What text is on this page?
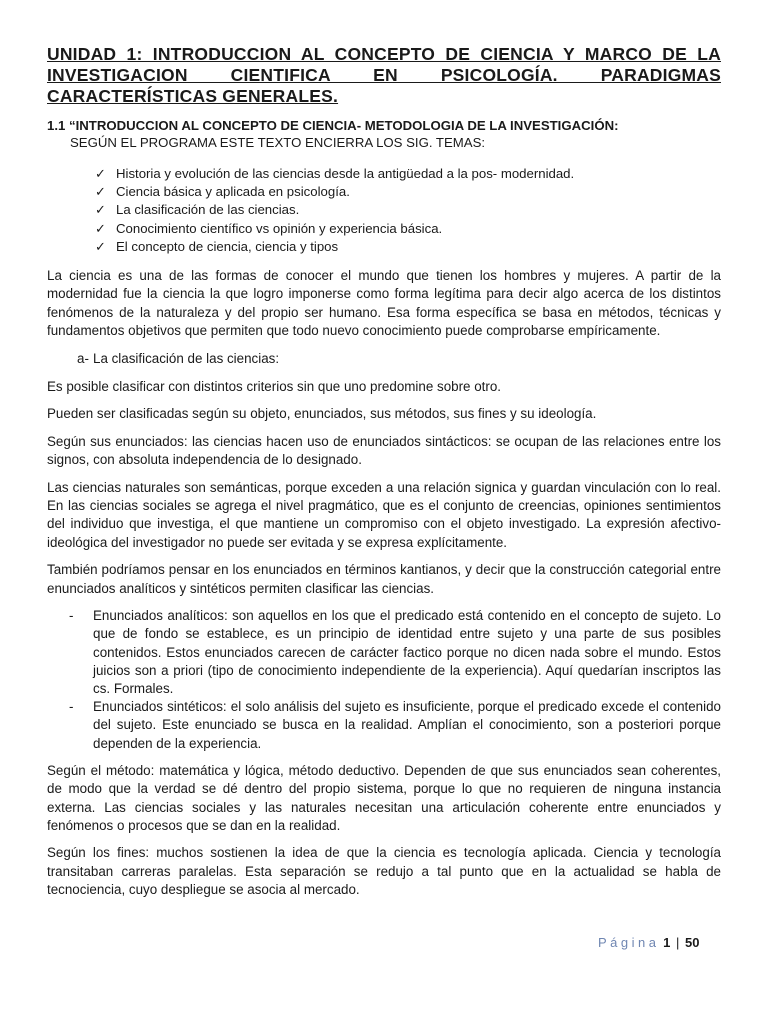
UNIDAD 1: INTRODUCCION AL CONCEPTO DE CIENCIA Y MARCO DE LA INVESTIGACION CIENTIFICA EN PSICOLOGÍA. PARADIGMAS CARACTERÍSTICAS GENERALES.

1.1 “INTRODUCCION AL CONCEPTO DE CIENCIA- METODOLOGIA DE LA INVESTIGACIÓN:

SEGÚN EL PROGRAMA ESTE TEXTO ENCIERRA LOS SIG. TEMAS:

✓ Historia y evolución de las ciencias desde la antigüedad a la pos- modernidad.
✓ Ciencia básica y aplicada en psicología.
✓ La clasificación de las ciencias.
✓ Conocimiento científico vs opinión y experiencia básica.
✓ El concepto de ciencia, ciencia y tipos

La ciencia es una de las formas de conocer el mundo que tienen los hombres y mujeres. A partir de la modernidad fue la ciencia la que logro imponerse como forma legítima para decir algo acerca de los distintos fenómenos de la naturaleza y del propio ser humano. Esa forma específica se basa en métodos, técnicas y fundamentos objetivos que permiten que todo nuevo conocimiento puede comprobarse empíricamente.

a- La clasificación de las ciencias:

Es posible clasificar con distintos criterios sin que uno predomine sobre otro.

Pueden ser clasificadas según su objeto, enunciados, sus métodos, sus fines y su ideología.

Según sus enunciados: las ciencias hacen uso de enunciados sintácticos: se ocupan de las relaciones entre los signos, con absoluta independencia de lo designado.

Las ciencias naturales son semánticas, porque exceden a una relación signica y guardan vinculación con lo real. En las ciencias sociales se agrega el nivel pragmático, que es el conjunto de creencias, opiniones sentimientos del individuo que investiga, el que mantiene un compromiso con el objeto investigado. La expresión afectivo- ideológica del investigador no puede ser evitada y se expresa explícitamente.

También podríamos pensar en los enunciados en términos kantianos, y decir que la construcción categorial entre enunciados analíticos y sintéticos permiten clasificar las ciencias.

- Enunciados analíticos: son aquellos en los que el predicado está contenido en el concepto de sujeto. Lo que de fondo se establece, es un principio de identidad entre sujeto y una parte de sus posibles contenidos. Estos enunciados carecen de carácter factico porque no dicen nada sobre el mundo. Estos juicios son a priori (tipo de conocimiento independiente de la experiencia). Aquí quedarían inscriptos las cs. Formales.
- Enunciados sintéticos: el solo análisis del sujeto es insuficiente, porque el predicado excede el contenido del sujeto. Este enunciado se busca en la realidad. Amplían el conocimiento, son a posteriori porque dependen de la experiencia.

Según el método: matemática y lógica, método deductivo. Dependen de que sus enunciados sean coherentes, de modo que la verdad se dé dentro del propio sistema, porque lo que no requieren de ninguna instancia externa. Las ciencias sociales y las naturales necesitan una articulación coherente entre enunciados y fenómenos o procesos que se dan en la realidad.

Según los fines: muchos sostienen la idea de que la ciencia es tecnología aplicada. Ciencia y tecnología transitaban carreras paralelas. Esta separación se redujo a tal punto que en la actualidad se habla de tecnociencia, cuyo despliegue se asocia al mercado.

Página 1 | 50
